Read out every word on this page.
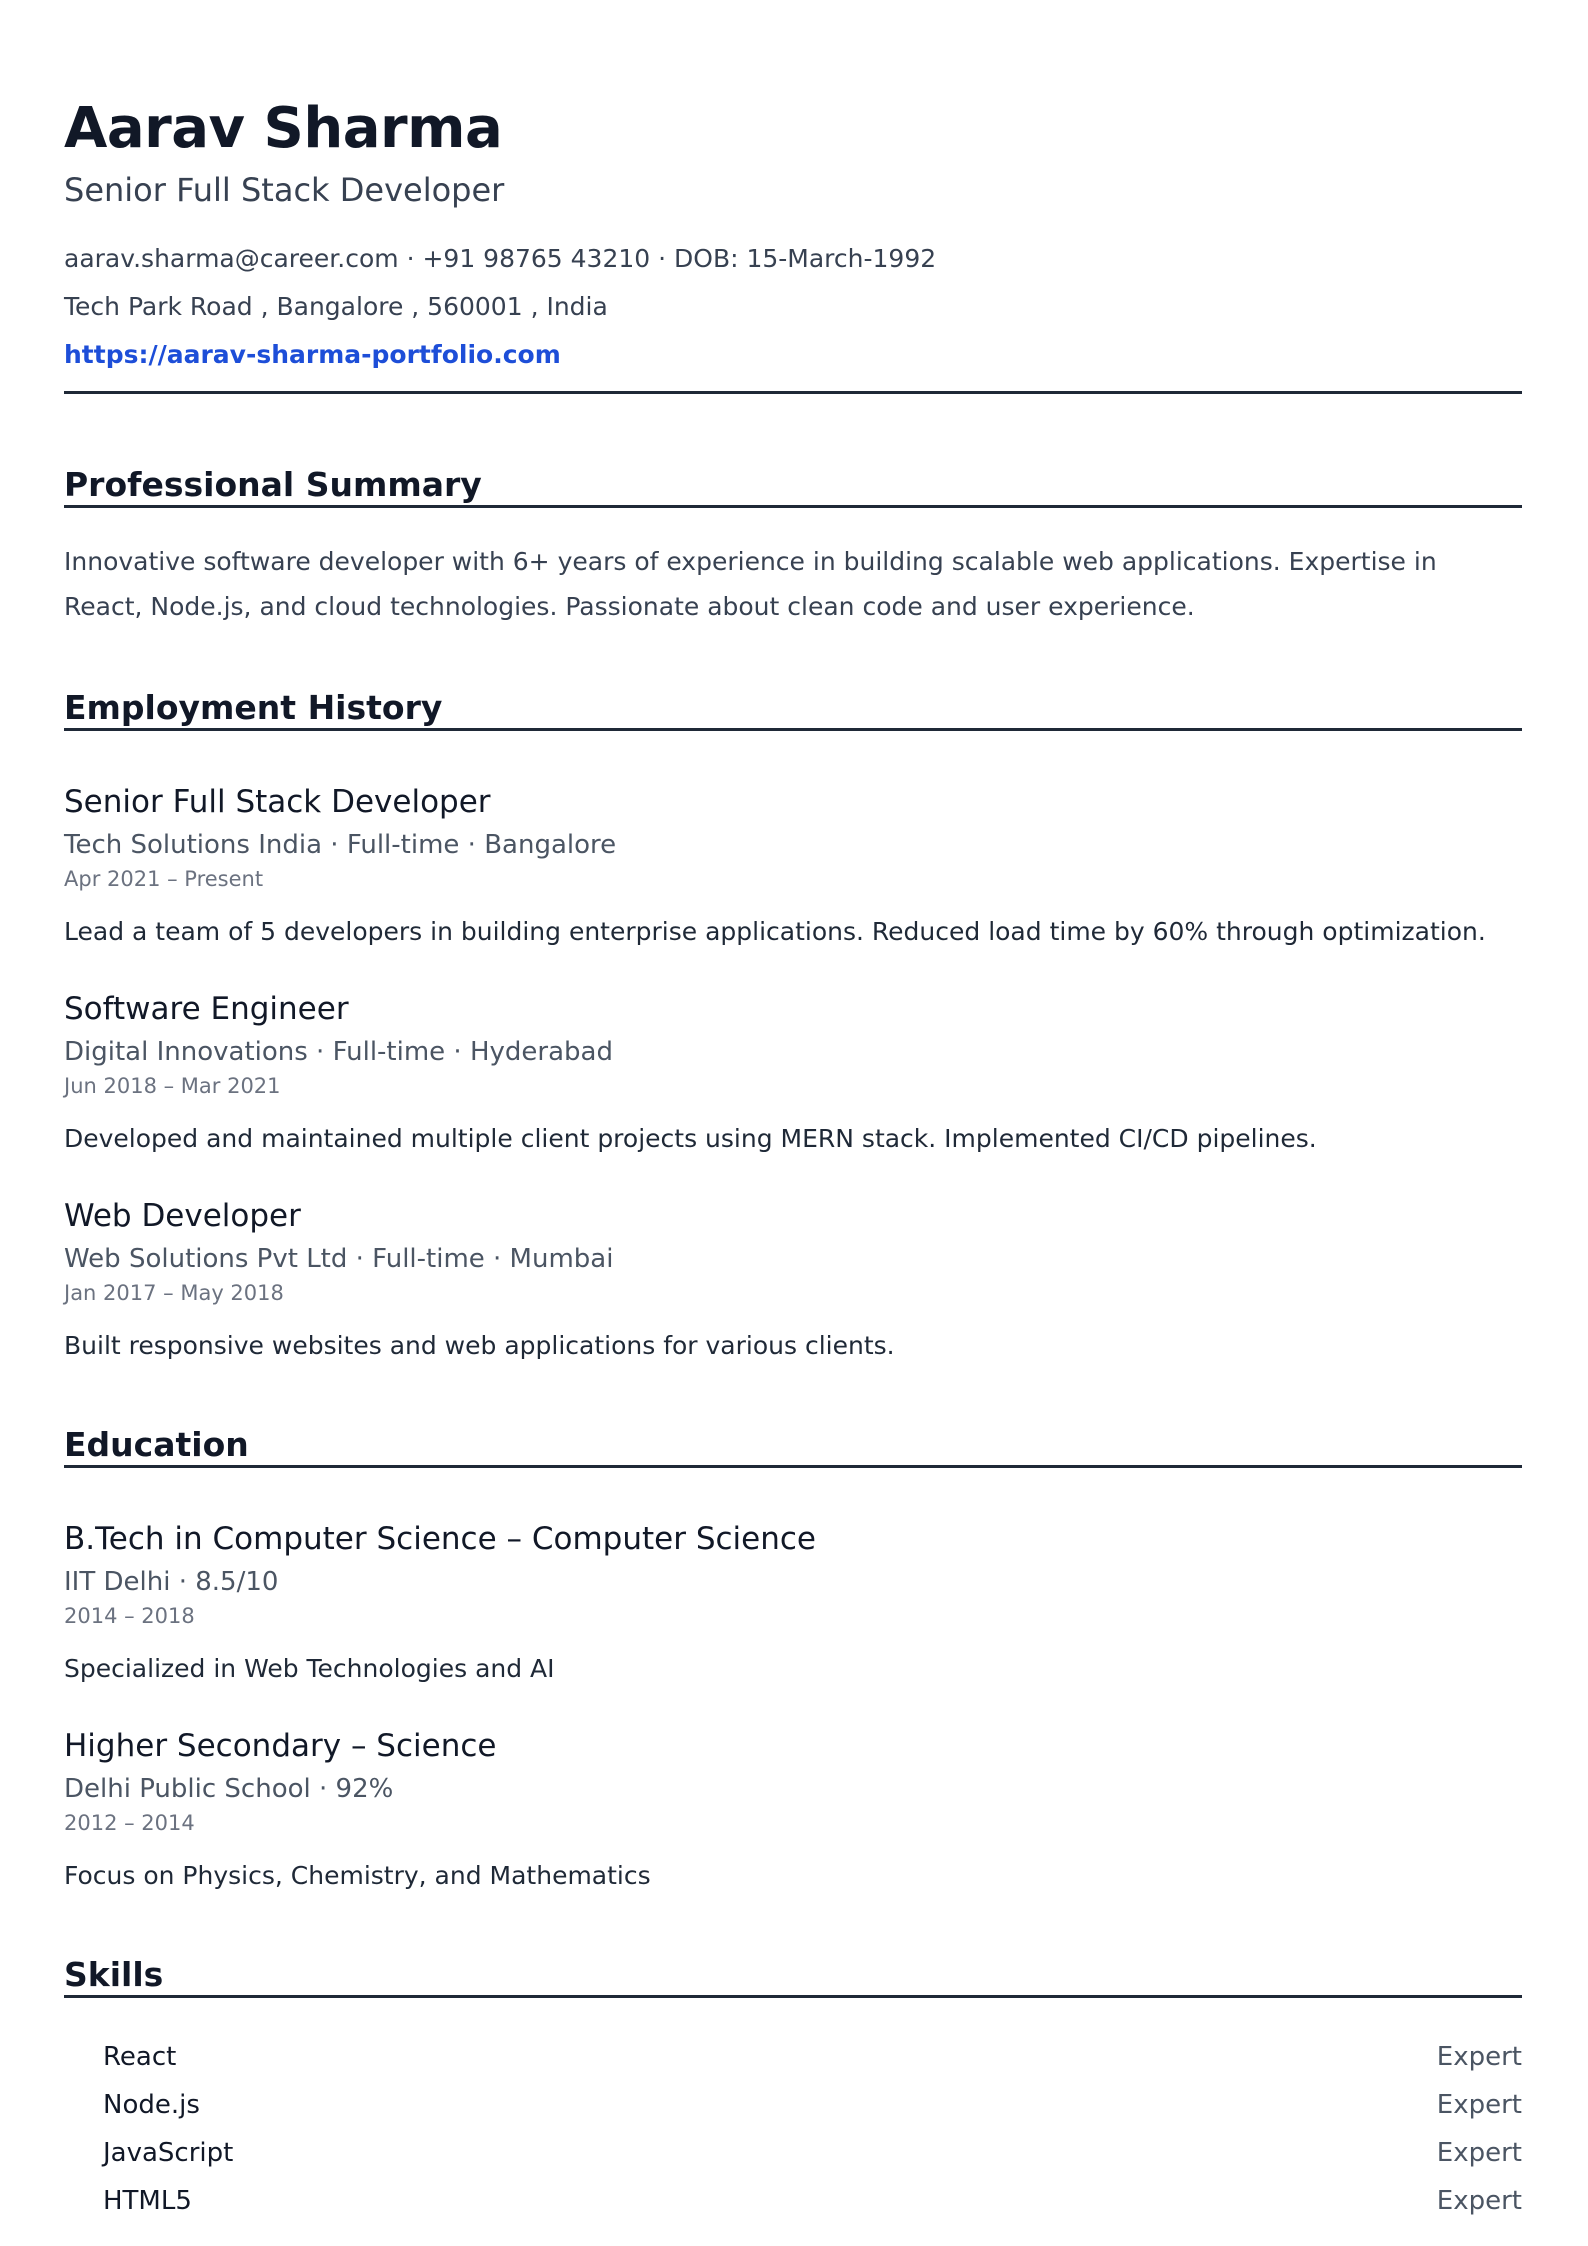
Aarav Sharma
Senior Full Stack Developer
aarav.sharma@career.com · +91 98765 43210 · DOB: 15-March-1992
Tech Park Road , Bangalore , 560001 , India
https://aarav-sharma-portfolio.com
Professional Summary
Innovative software developer with 6+ years of experience in building scalable web applications. Expertise in React, Node.js, and cloud technologies. Passionate about clean code and user experience.
Employment History
Senior Full Stack Developer
Tech Solutions India · Full-time · Bangalore
Apr 2021 – Present
Lead a team of 5 developers in building enterprise applications. Reduced load time by 60% through optimization.
Software Engineer
Digital Innovations · Full-time · Hyderabad
Jun 2018 – Mar 2021
Developed and maintained multiple client projects using MERN stack. Implemented CI/CD pipelines.
Web Developer
Web Solutions Pvt Ltd · Full-time · Mumbai
Jan 2017 – May 2018
Built responsive websites and web applications for various clients.
Education
B.Tech in Computer Science – Computer Science
IIT Delhi · 8.5/10
2014 – 2018
Specialized in Web Technologies and AI
Higher Secondary – Science
Delhi Public School · 92%
2012 – 2014
Focus on Physics, Chemistry, and Mathematics
Skills
React	Expert
Node.js	Expert
JavaScript	Expert
HTML5	Expert
